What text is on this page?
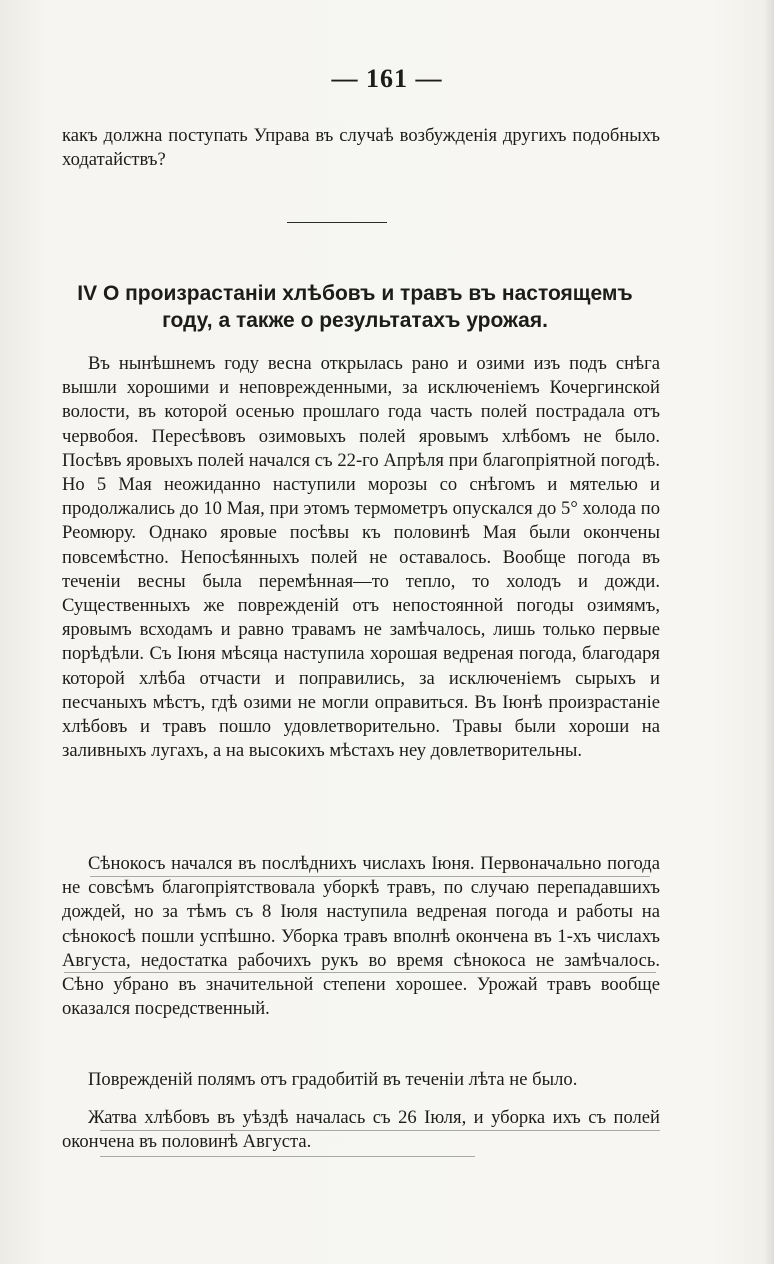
— 161 —
какъ должна поступать Управа въ случаѣ возбужденія другихъ подобныхъ ходатайствъ?
IV O произрастаніи хлѣбовъ и травъ въ настоящемъ году, а также о результатахъ урожая.
Въ нынѣшнемъ году весна открылась рано и озими изъ подъ снѣга вышли хорошими и неповрежденными, за исключеніемъ Кочергинской волости, въ которой осенью прошлаго года часть полей пострадала отъ червобоя. Пересѣвовъ озимовыхъ полей яровымъ хлѣбомъ не было. Посѣвъ яровыхъ полей начался съ 22-го Апрѣля при благопріятной погодѣ. Но 5 Мая неожиданно наступили морозы со снѣгомъ и мятелью и продолжались до 10 Мая, при этомъ термометръ опускался до 5° холода по Реомюру. Однако яровые посѣвы къ половинѣ Мая были окончены повсемѣстно. Непосѣянныхъ полей не оставалось. Вообще погода въ теченіи весны была перемѣнная—то тепло, то холодъ и дожди. Существенныхъ же поврежденій отъ непостоянной погоды озимямъ, яровымъ всходамъ и равно травамъ не замѣчалось, лишь только первые порѣдѣли. Съ Іюня мѣсяца наступила хорошая ведреная погода, благодаря которой хлѣба отчасти и поправились, за исключеніемъ сырыхъ и песчаныхъ мѣстъ, гдѣ озими не могли оправиться. Въ Іюнѣ произрастаніе хлѣбовъ и травъ пошло удовлетворительно. Травы были хороши на заливныхъ лугахъ, а на высокихъ мѣстахъ неу довлетворительны.
Сѣнокосъ начался въ послѣднихъ числахъ Іюня. Первоначально погода не совсѣмъ благопріятствовала уборкѣ травъ, по случаю перепадавшихъ дождей, но за тѣмъ съ 8 Іюля наступила ведреная погода и работы на сѣнокосѣ пошли успѣшно. Уборка травъ вполнѣ окончена въ 1-хъ числахъ Августа, недостатка рабочихъ рукъ во время сѣнокоса не замѣчалось. Сѣно убрано въ значительной степени хорошее. Урожай травъ вообще оказался посредственный.
Поврежденій полямъ отъ градобитій въ теченіи лѣта не было.
Жатва хлѣбовъ въ уѣздѣ началась съ 26 Іюля, и уборка ихъ съ полей окончена въ половинѣ Августа.
